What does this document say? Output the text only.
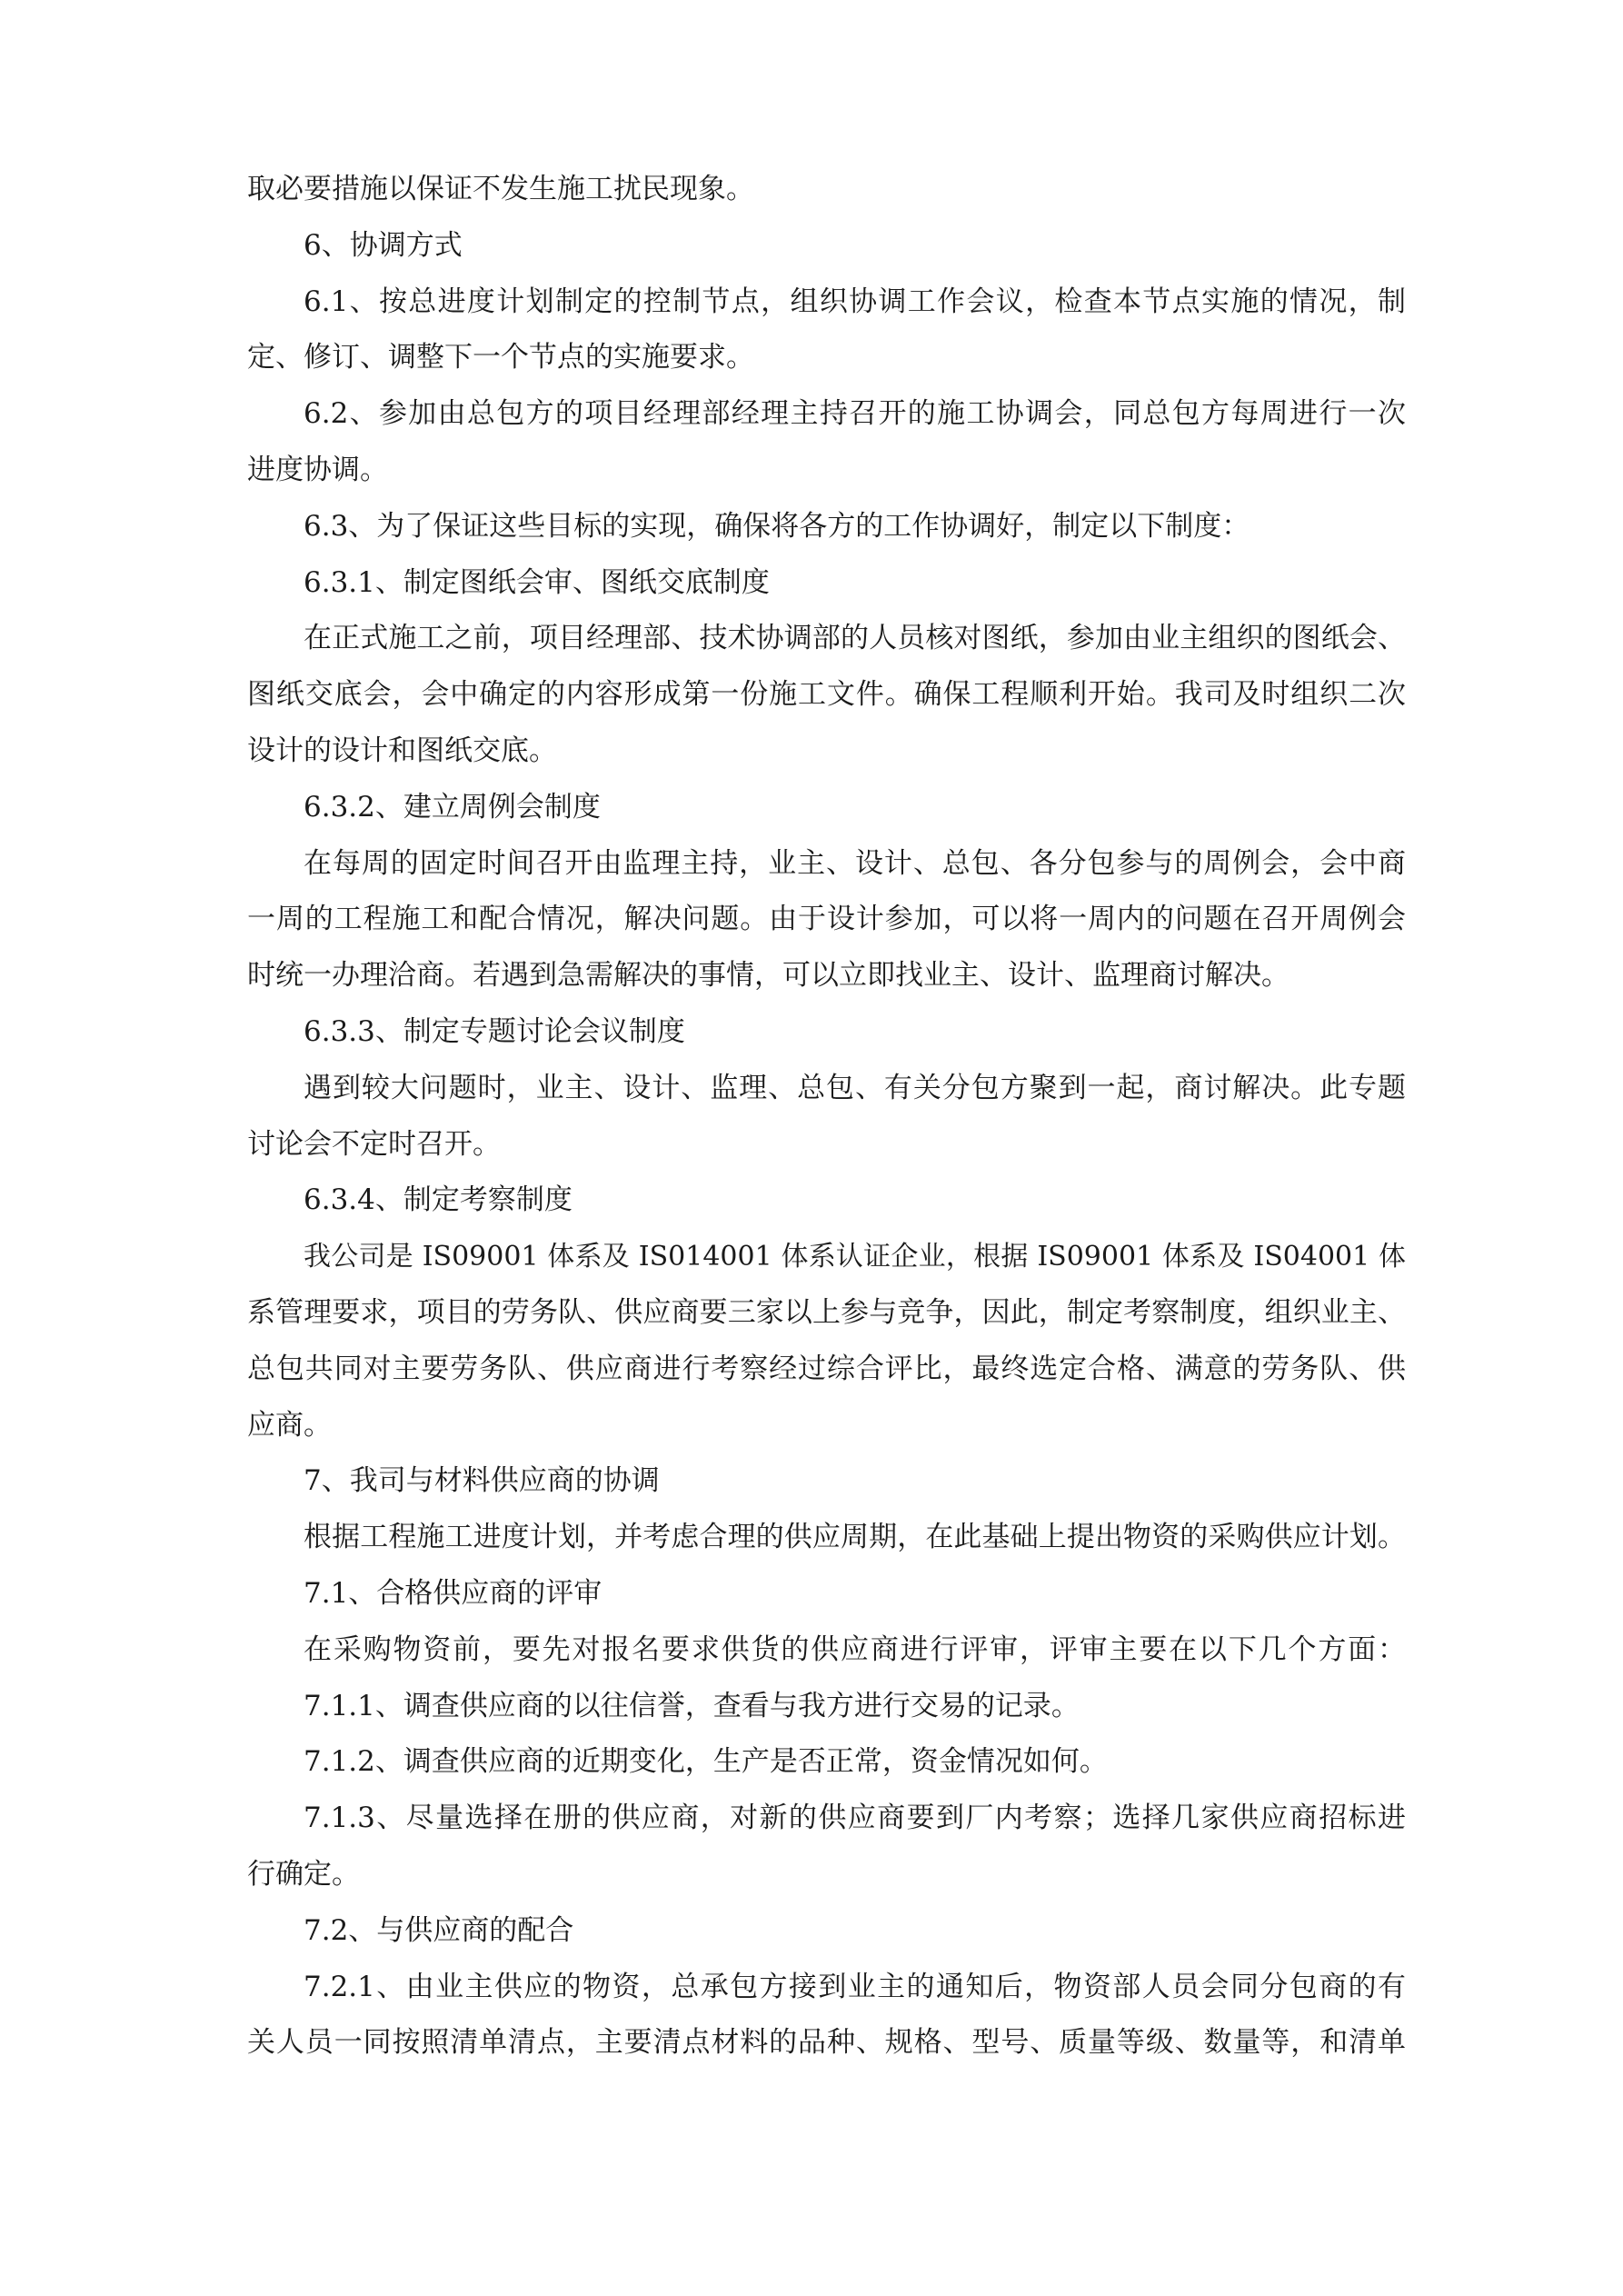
取必要措施以保证不发生施工扰民现象。
6、协调方式
6.1、按总进度计划制定的控制节点，组织协调工作会议，检查本节点实施的情况，制
定、修订、调整下一个节点的实施要求。
6.2、参加由总包方的项目经理部经理主持召开的施工协调会，同总包方每周进行一次
进度协调。
6.3、为了保证这些目标的实现，确保将各方的工作协调好，制定以下制度：
6.3.1、制定图纸会审、图纸交底制度
在正式施工之前，项目经理部、技术协调部的人员核对图纸，参加由业主组织的图纸会、
图纸交底会，会中确定的内容形成第一份施工文件。确保工程顺利开始。我司及时组织二次
设计的设计和图纸交底。
6.3.2、建立周例会制度
在每周的固定时间召开由监理主持，业主、设计、总包、各分包参与的周例会，会中商
一周的工程施工和配合情况，解决问题。由于设计参加，可以将一周内的问题在召开周例会
时统一办理洽商。若遇到急需解决的事情，可以立即找业主、设计、监理商讨解决。
6.3.3、制定专题讨论会议制度
遇到较大问题时，业主、设计、监理、总包、有关分包方聚到一起，商讨解决。此专题
讨论会不定时召开。
6.3.4、制定考察制度
我公司是 IS09001 体系及 IS014001 体系认证企业，根据 IS09001 体系及 IS04001 体
系管理要求，项目的劳务队、供应商要三家以上参与竞争，因此，制定考察制度，组织业主、
总包共同对主要劳务队、供应商进行考察经过综合评比，最终选定合格、满意的劳务队、供
应商。
7、我司与材料供应商的协调
根据工程施工进度计划，并考虑合理的供应周期，在此基础上提出物资的采购供应计划。
7.1、合格供应商的评审
在采购物资前，要先对报名要求供货的供应商进行评审，评审主要在以下几个方面：
7.1.1、调查供应商的以往信誉，查看与我方进行交易的记录。
7.1.2、调查供应商的近期变化，生产是否正常，资金情况如何。
7.1.3、尽量选择在册的供应商，对新的供应商要到厂内考察；选择几家供应商招标进
行确定。
7.2、与供应商的配合
7.2.1、由业主供应的物资，总承包方接到业主的通知后，物资部人员会同分包商的有
关人员一同按照清单清点，主要清点材料的品种、规格、型号、质量等级、数量等，和清单
